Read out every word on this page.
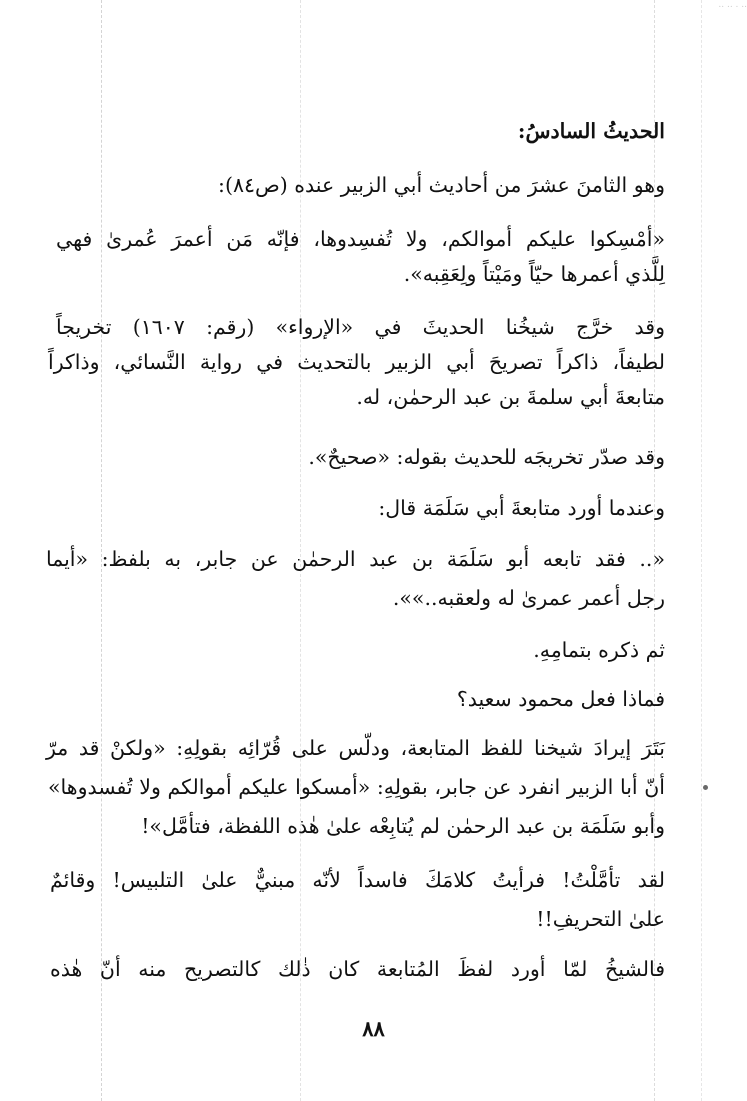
.. . .. ..
الحديثُ السادسُ:
وهو الثامنَ عشرَ من أحاديث أبي الزبير عنده (ص٨٤):
«أمْسِكوا عليكم أموالكم، ولا تُفسِدوها، فإنّه مَن أعمرَ عُمرىٰ فهي
لِلَّذي أعمرها حيّاً ومَيْتاً ولِعَقِبه».
وقد خرَّج شيخُنا الحديثَ في «الإرواء» (رقم: ١٦٠٧) تخريجاً
لطيفاً، ذاكراً تصريحَ أبي الزبير بالتحديث في رواية النَّسائي، وذاكراً
متابعةَ أبي سلمةَ بن عبد الرحمٰن، له.
وقد صدّر تخريجَه للحديث بقوله: «صحيحٌ».
وعندما أورد متابعةَ أبي سَلَمَة قال:
«.. فقد تابعه أبو سَلَمَة بن عبد الرحمٰن عن جابر، به بلفظ: «أيما
رجل أعمر عمرىٰ له ولعقبه..»».
ثم ذكره بتمامِهِ.
فماذا فعل محمود سعيد؟
بَتَرَ إيرادَ شيخنا للفظ المتابعة، ودلّس على قُرّائِه بقولِهِ: «ولكنْ قد مرّ
أنّ أبا الزبير انفرد عن جابر، بقولِهِ: «أمسكوا عليكم أموالكم ولا تُفسدوها»
وأبو سَلَمَة بن عبد الرحمٰن لم يُتابِعْه علىٰ هٰذه اللفظة، فتأمَّل»!
لقد تأمَّلْتُ! فرأيتُ كلامَكَ فاسداً لأنّه مبنيٌّ علىٰ التلبيس! وقائمٌ
علىٰ التحريفِ!!
فالشيخُ لمّا أورد لفظَ المُتابعة كان ذٰلك كالتصريح منه أنّ هٰذه
٨٨
